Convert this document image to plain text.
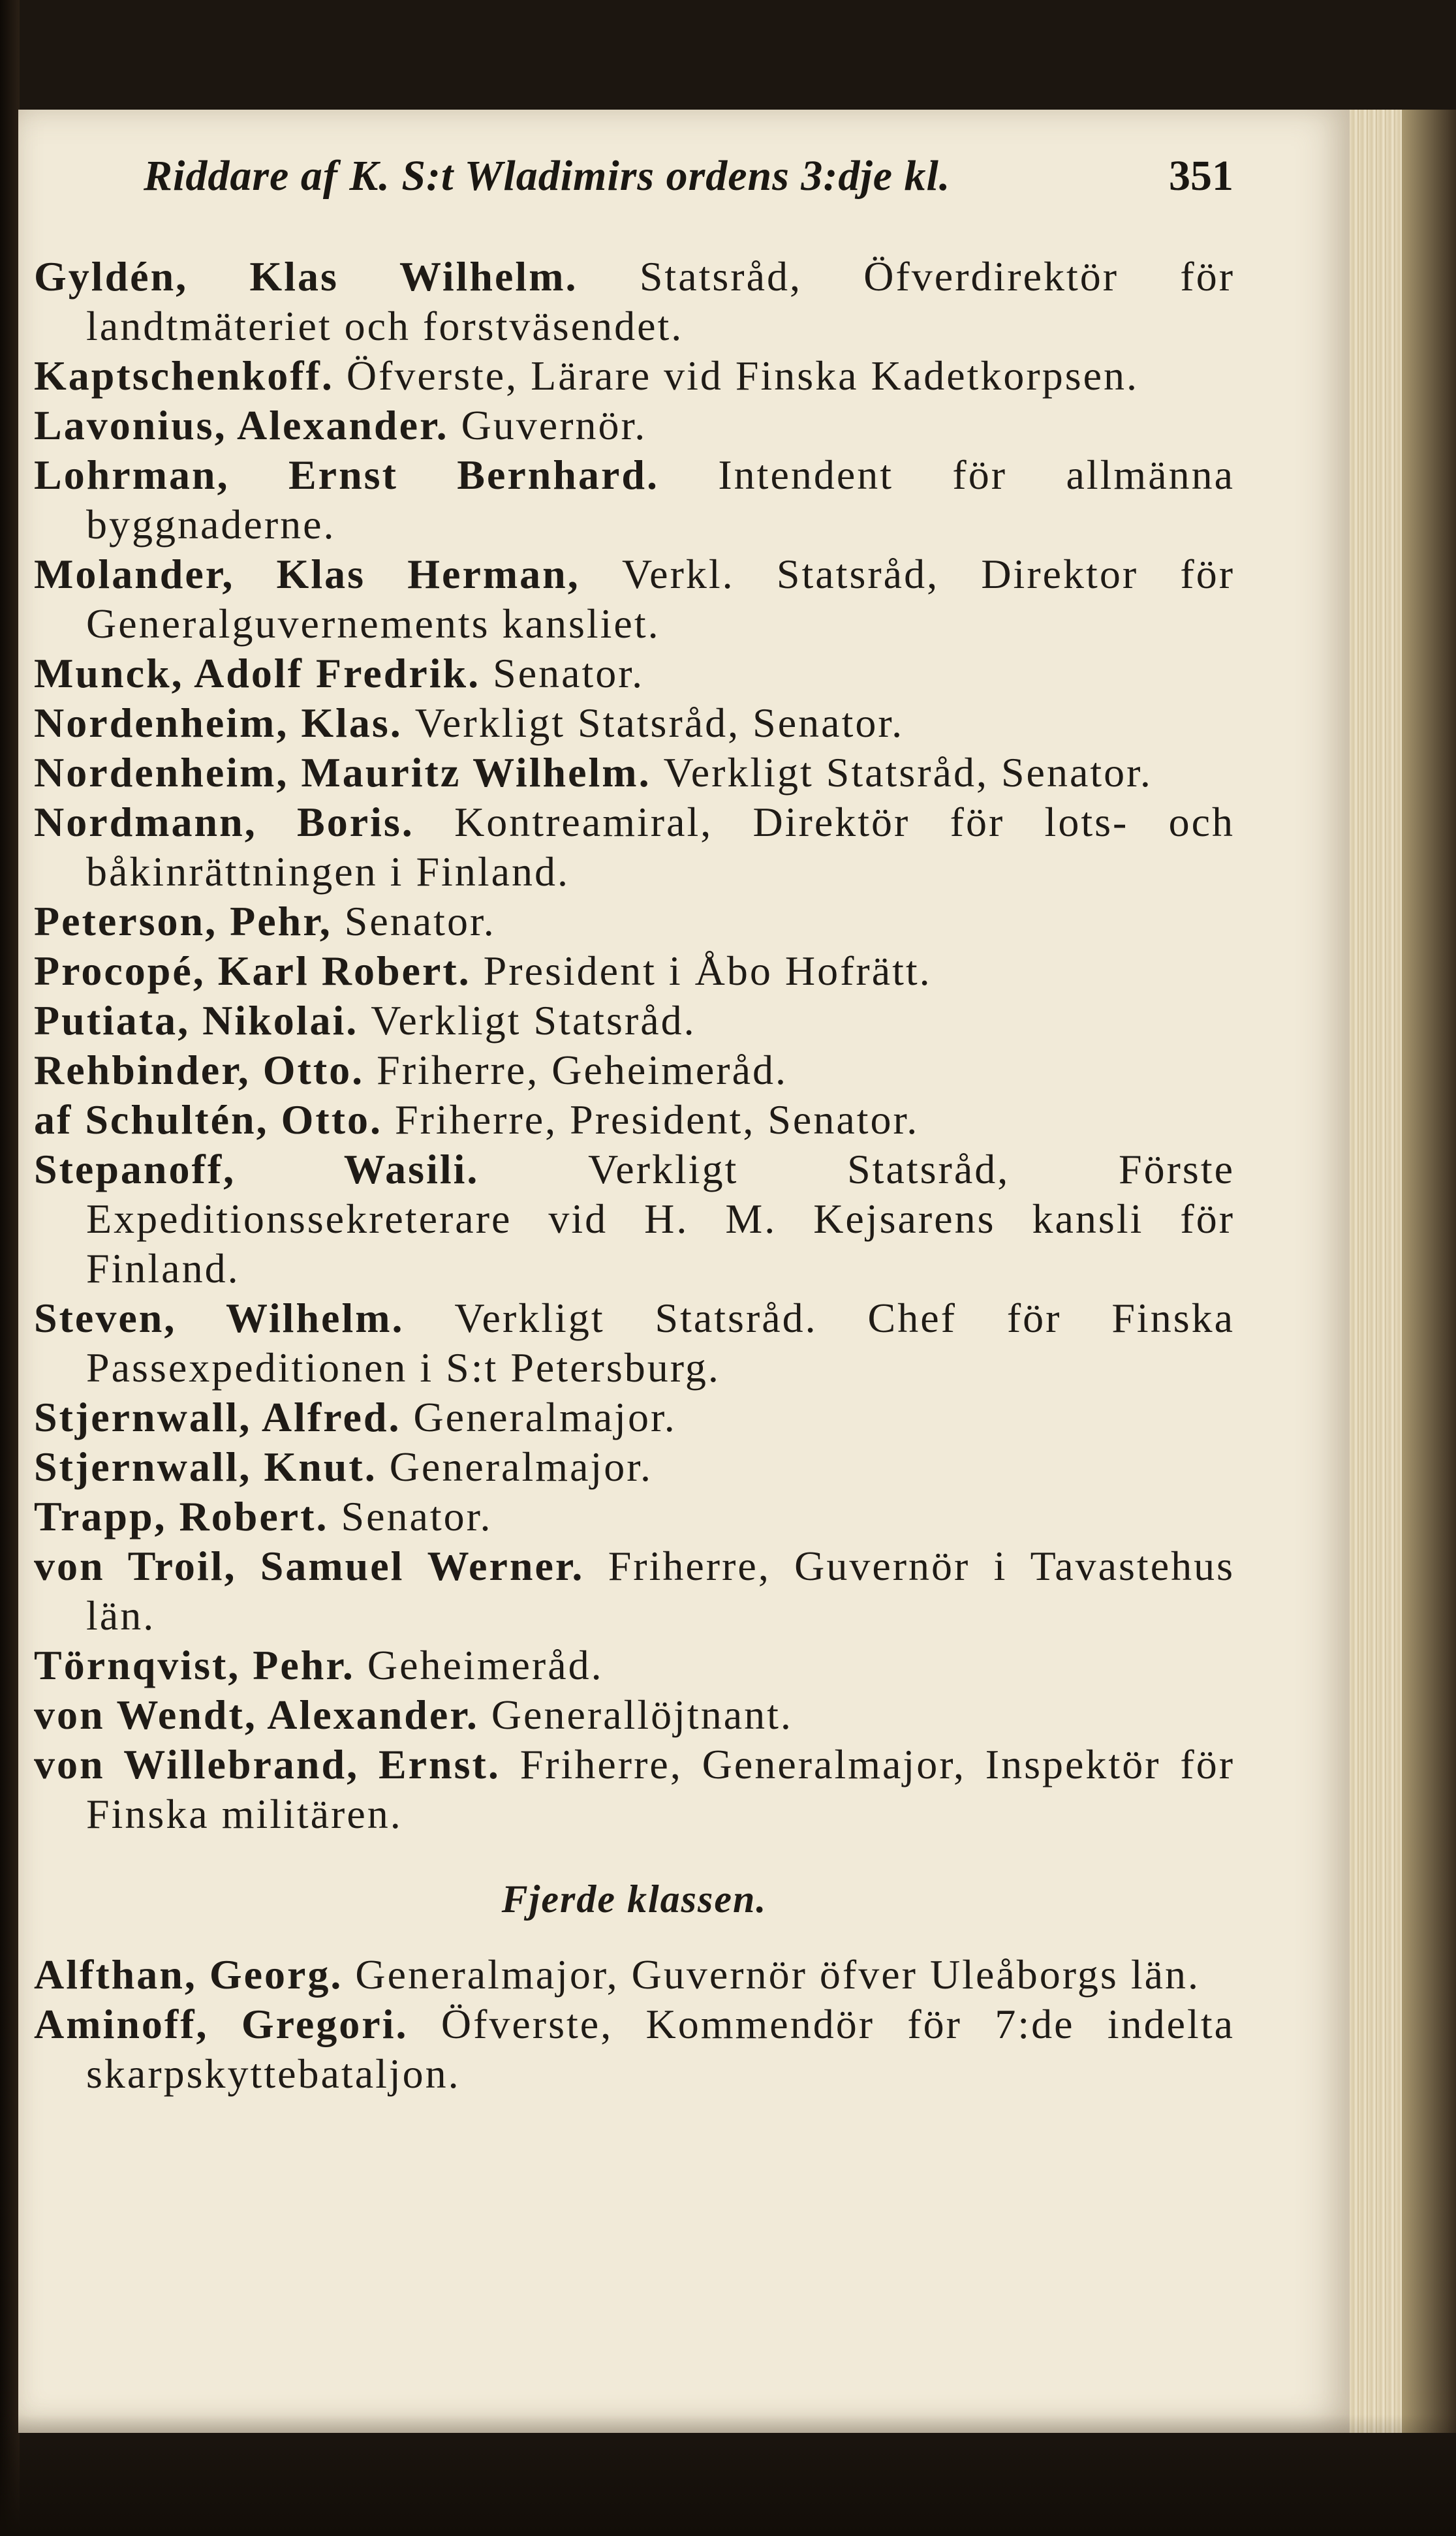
Riddare af K. S:t Wladimirs ordens 3:dje kl.	351

Gyldén, Klas Wilhelm. Statsråd, Öfverdirektör för landtmäteriet och forstväsendet.

Kaptschenkoff. Öfverste, Lärare vid Finska Kadetkorpsen.

Lavonius, Alexander. Guvernör.

Lohrman, Ernst Bernhard. Intendent för allmänna byggnaderne.

Molander, Klas Herman, Verkl. Statsråd, Direktor för Generalguvernements kansliet.

Munck, Adolf Fredrik. Senator.

Nordenheim, Klas. Verkligt Statsråd, Senator.

Nordenheim, Mauritz Wilhelm. Verkligt Statsråd, Senator.

Nordmann, Boris. Kontreamiral, Direktör för lots- och båkinrättningen i Finland.

Peterson, Pehr, Senator.

Procopé, Karl Robert. President i Åbo Hofrätt.

Putiata, Nikolai. Verkligt Statsråd.

Rehbinder, Otto. Friherre, Geheimeråd.

af Schultén, Otto. Friherre, President, Senator.

Stepanoff, Wasili.	Verkligt Statsråd, Förste Expeditionssekreterare vid H. M. Kejsarens kansli för Finland.

Steven, Wilhelm. Verkligt Statsråd. Chef för Finska Passexpeditionen i S:t Petersburg.

Stjernwall, Alfred. Generalmajor.

Stjernwall, Knut. Generalmajor.

Trapp, Robert. Senator.

von Troil, Samuel Werner. Friherre, Guvernör i Tavastehus län.

Törnqvist, Pehr. Geheimeråd.

von Wendt, Alexander. Generallöjtnant.

von Willebrand, Ernst. Friherre, Generalmajor, Inspektör för Finska militären.

Fjerde klassen.

Alfthan, Georg. Generalmajor, Guvernör öfver Uleåborgs län.

Aminoff, Gregori. Öfverste, Kommendör för 7:de indelta skarpskyttebataljon.
